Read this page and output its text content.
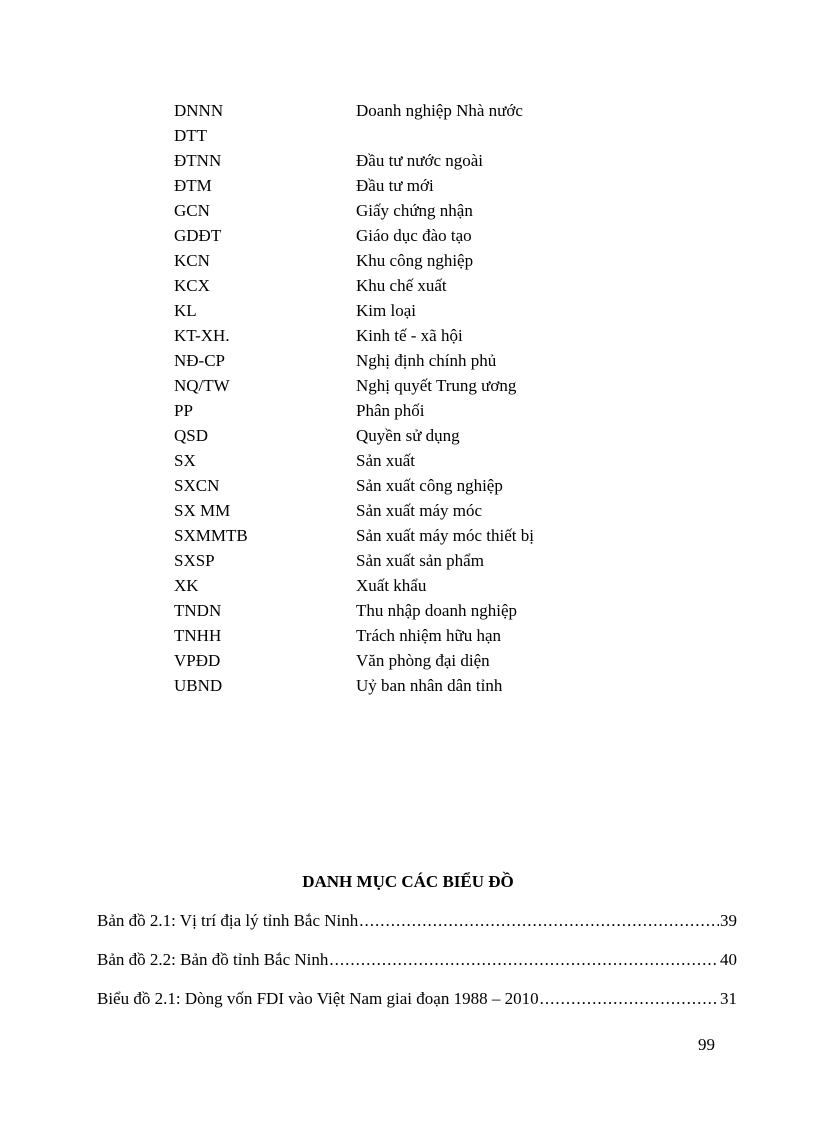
DNNN	Doanh nghiệp Nhà nước
DTT
ĐTNN	Đầu tư nước ngoài
ĐTM	Đầu tư mới
GCN	Giấy chứng nhận
GDĐT	Giáo dục đào tạo
KCN	Khu công nghiệp
KCX	Khu chế xuất
KL	Kim loại
KT-XH.	Kinh tế - xã hội
NĐ-CP	Nghị định chính phủ
NQ/TW	Nghị quyết Trung ương
PP	Phân phối
QSD	Quyền sử dụng
SX	Sản xuất
SXCN	Sản xuất công nghiệp
SX MM	Sản xuất máy móc
SXMMTB	Sản xuất máy móc thiết bị
SXSP	Sản xuất sản phẩm
XK	Xuất khẩu
TNDN	Thu nhập doanh nghiệp
TNHH	Trách nhiệm hữu hạn
VPĐD	Văn phòng đại diện
UBND	Uỷ ban nhân dân tỉnh
DANH MỤC CÁC BIỂU ĐỒ
Bản đồ 2.1: Vị trí địa lý tỉnh Bắc Ninh .....	39
Bản đồ 2.2: Bản đồ tỉnh Bắc Ninh .....	40
Biểu đồ 2.1: Dòng vốn FDI vào Việt Nam giai đoạn 1988 – 2010 .....	31
99
